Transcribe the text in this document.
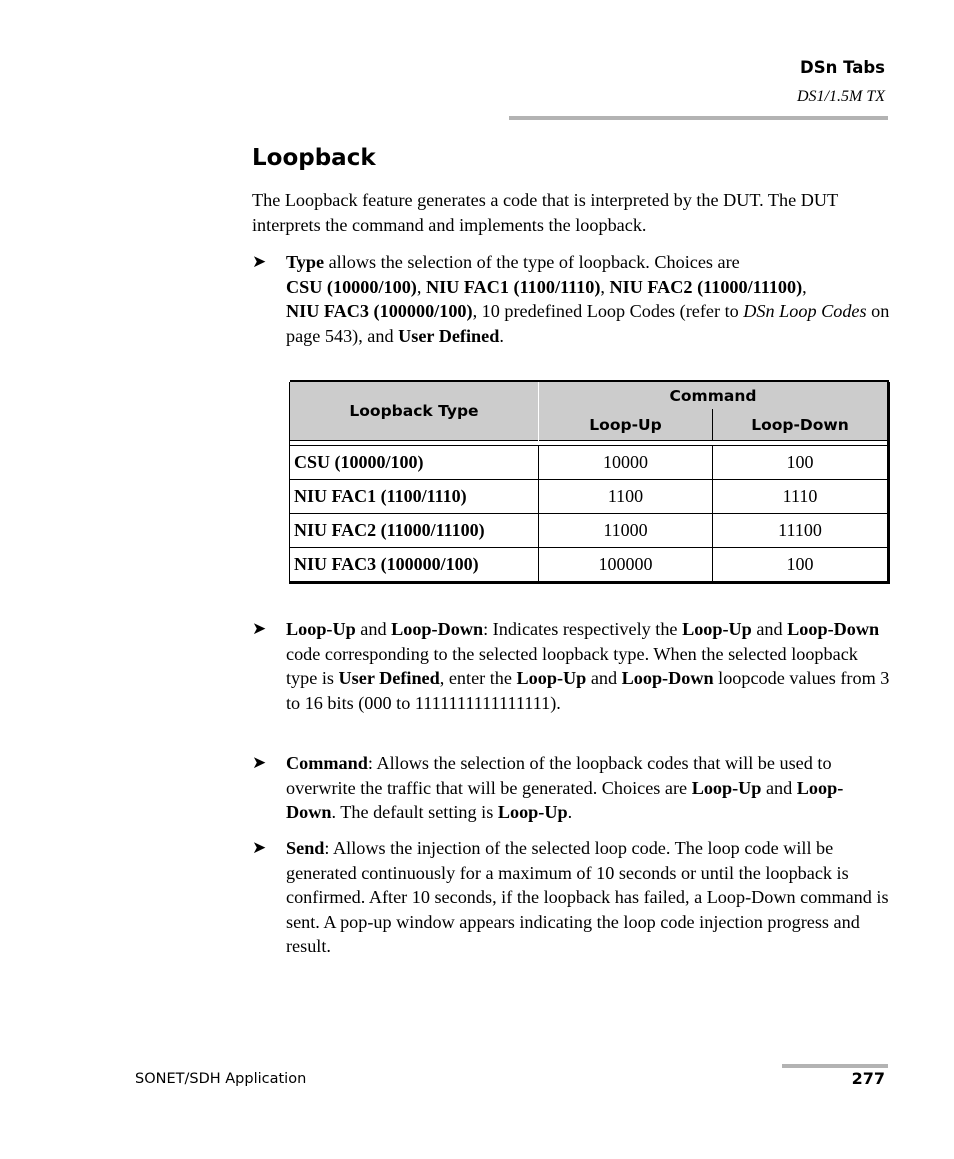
DSn Tabs
DS1/1.5M TX
Loopback

The Loopback feature generates a code that is interpreted by the DUT. The DUT interprets the command and implements the loopback.

➤	Type allows the selection of the type of loopback. Choices are
CSU (10000/100), NIU FAC1 (1100/1110), NIU FAC2 (11000/11100),
NIU FAC3 (100000/100), 10 predefined Loop Codes (refer to DSn Loop Codes on page 543), and User Defined.

Loopback Type	Command	
	Loop-Up	Loop-Down

CSU (10000/100)	10000	100
NIU FAC1 (1100/1110)	1100	1110
NIU FAC2 (11000/11100)	11000	11100
NIU FAC3 (100000/100)	100000	100
➤	Loop-Up and Loop-Down: Indicates respectively the Loop-Up and Loop-Down code corresponding to the selected loopback type. When the selected loopback type is User Defined, enter the Loop-Up and Loop-Down loopcode values from 3 to 16 bits (000 to 1111111111111111).
➤	Command: Allows the selection of the loopback codes that will be used to overwrite the traffic that will be generated. Choices are Loop-Up and Loop-Down. The default setting is Loop-Up.
➤	Send: Allows the injection of the selected loop code. The loop code will be generated continuously for a maximum of 10 seconds or until the loopback is confirmed. After 10 seconds, if the loopback has failed, a Loop-Down command is sent. A pop-up window appears indicating the loop code injection progress and result.
SONET/SDH Application	277
